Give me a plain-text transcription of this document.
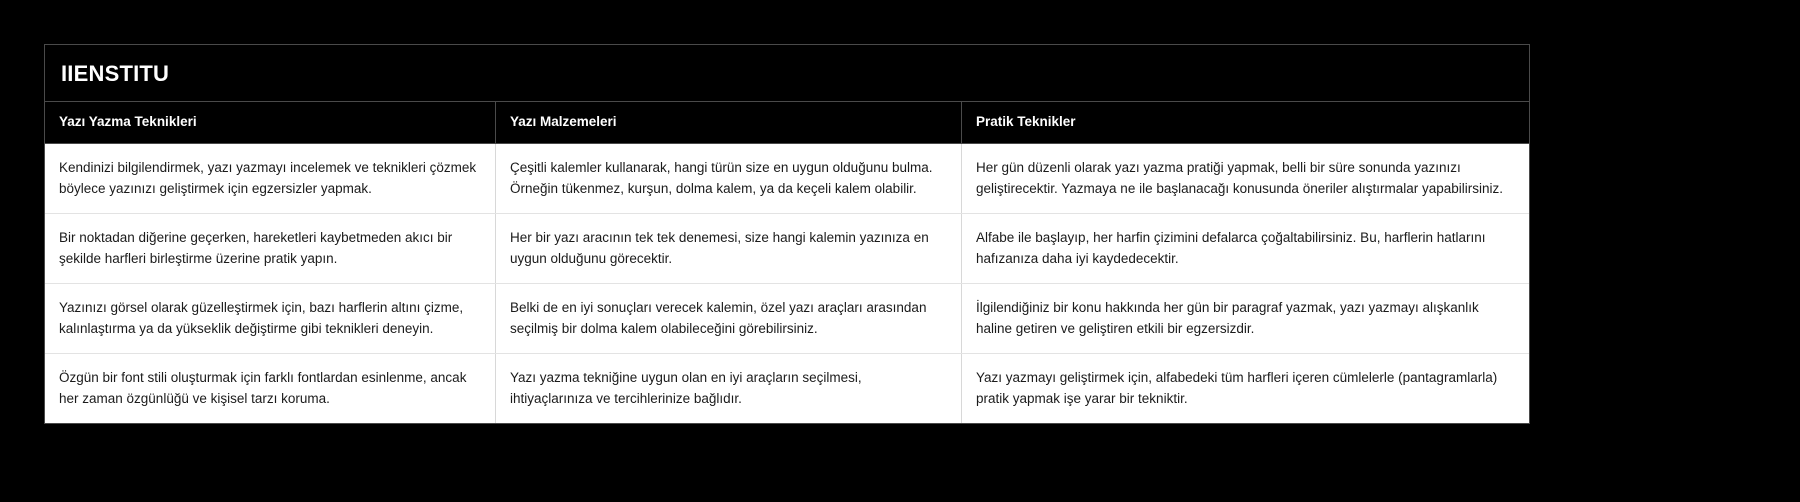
IIENSTITU
Yazı Yazma Teknikleri	Yazı Malzemeleri	Pratik Teknikler
Kendinizi bilgilendirmek, yazı yazmayı incelemek ve teknikleri çözmek böylece yazınızı geliştirmek için egzersizler yapmak.
Çeşitli kalemler kullanarak, hangi türün size en uygun olduğunu bulma. Örneğin tükenmez, kurşun, dolma kalem, ya da keçeli kalem olabilir.
Her gün düzenli olarak yazı yazma pratiği yapmak, belli bir süre sonunda yazınızı geliştirecektir. Yazmaya ne ile başlanacağı konusunda öneriler alıştırmalar yapabilirsiniz.
Bir noktadan diğerine geçerken, hareketleri kaybetmeden akıcı bir şekilde harfleri birleştirme üzerine pratik yapın.
Her bir yazı aracının tek tek denemesi, size hangi kalemin yazınıza en uygun olduğunu görecektir.
Alfabe ile başlayıp, her harfin çizimini defalarca çoğaltabilirsiniz. Bu, harflerin hatlarını hafızanıza daha iyi kaydedecektir.
Yazınızı görsel olarak güzelleştirmek için, bazı harflerin altını çizme, kalınlaştırma ya da yükseklik değiştirme gibi teknikleri deneyin.
Belki de en iyi sonuçları verecek kalemin, özel yazı araçları arasından seçilmiş bir dolma kalem olabileceğini görebilirsiniz.
İlgilendiğiniz bir konu hakkında her gün bir paragraf yazmak, yazı yazmayı alışkanlık haline getiren ve geliştiren etkili bir egzersizdir.
Özgün bir font stili oluşturmak için farklı fontlardan esinlenme, ancak her zaman özgünlüğü ve kişisel tarzı koruma.
Yazı yazma tekniğine uygun olan en iyi araçların seçilmesi, ihtiyaçlarınıza ve tercihlerinize bağlıdır.
Yazı yazmayı geliştirmek için, alfabedeki tüm harfleri içeren cümlelerle (pantagramlarla) pratik yapmak işe yarar bir tekniktir.
